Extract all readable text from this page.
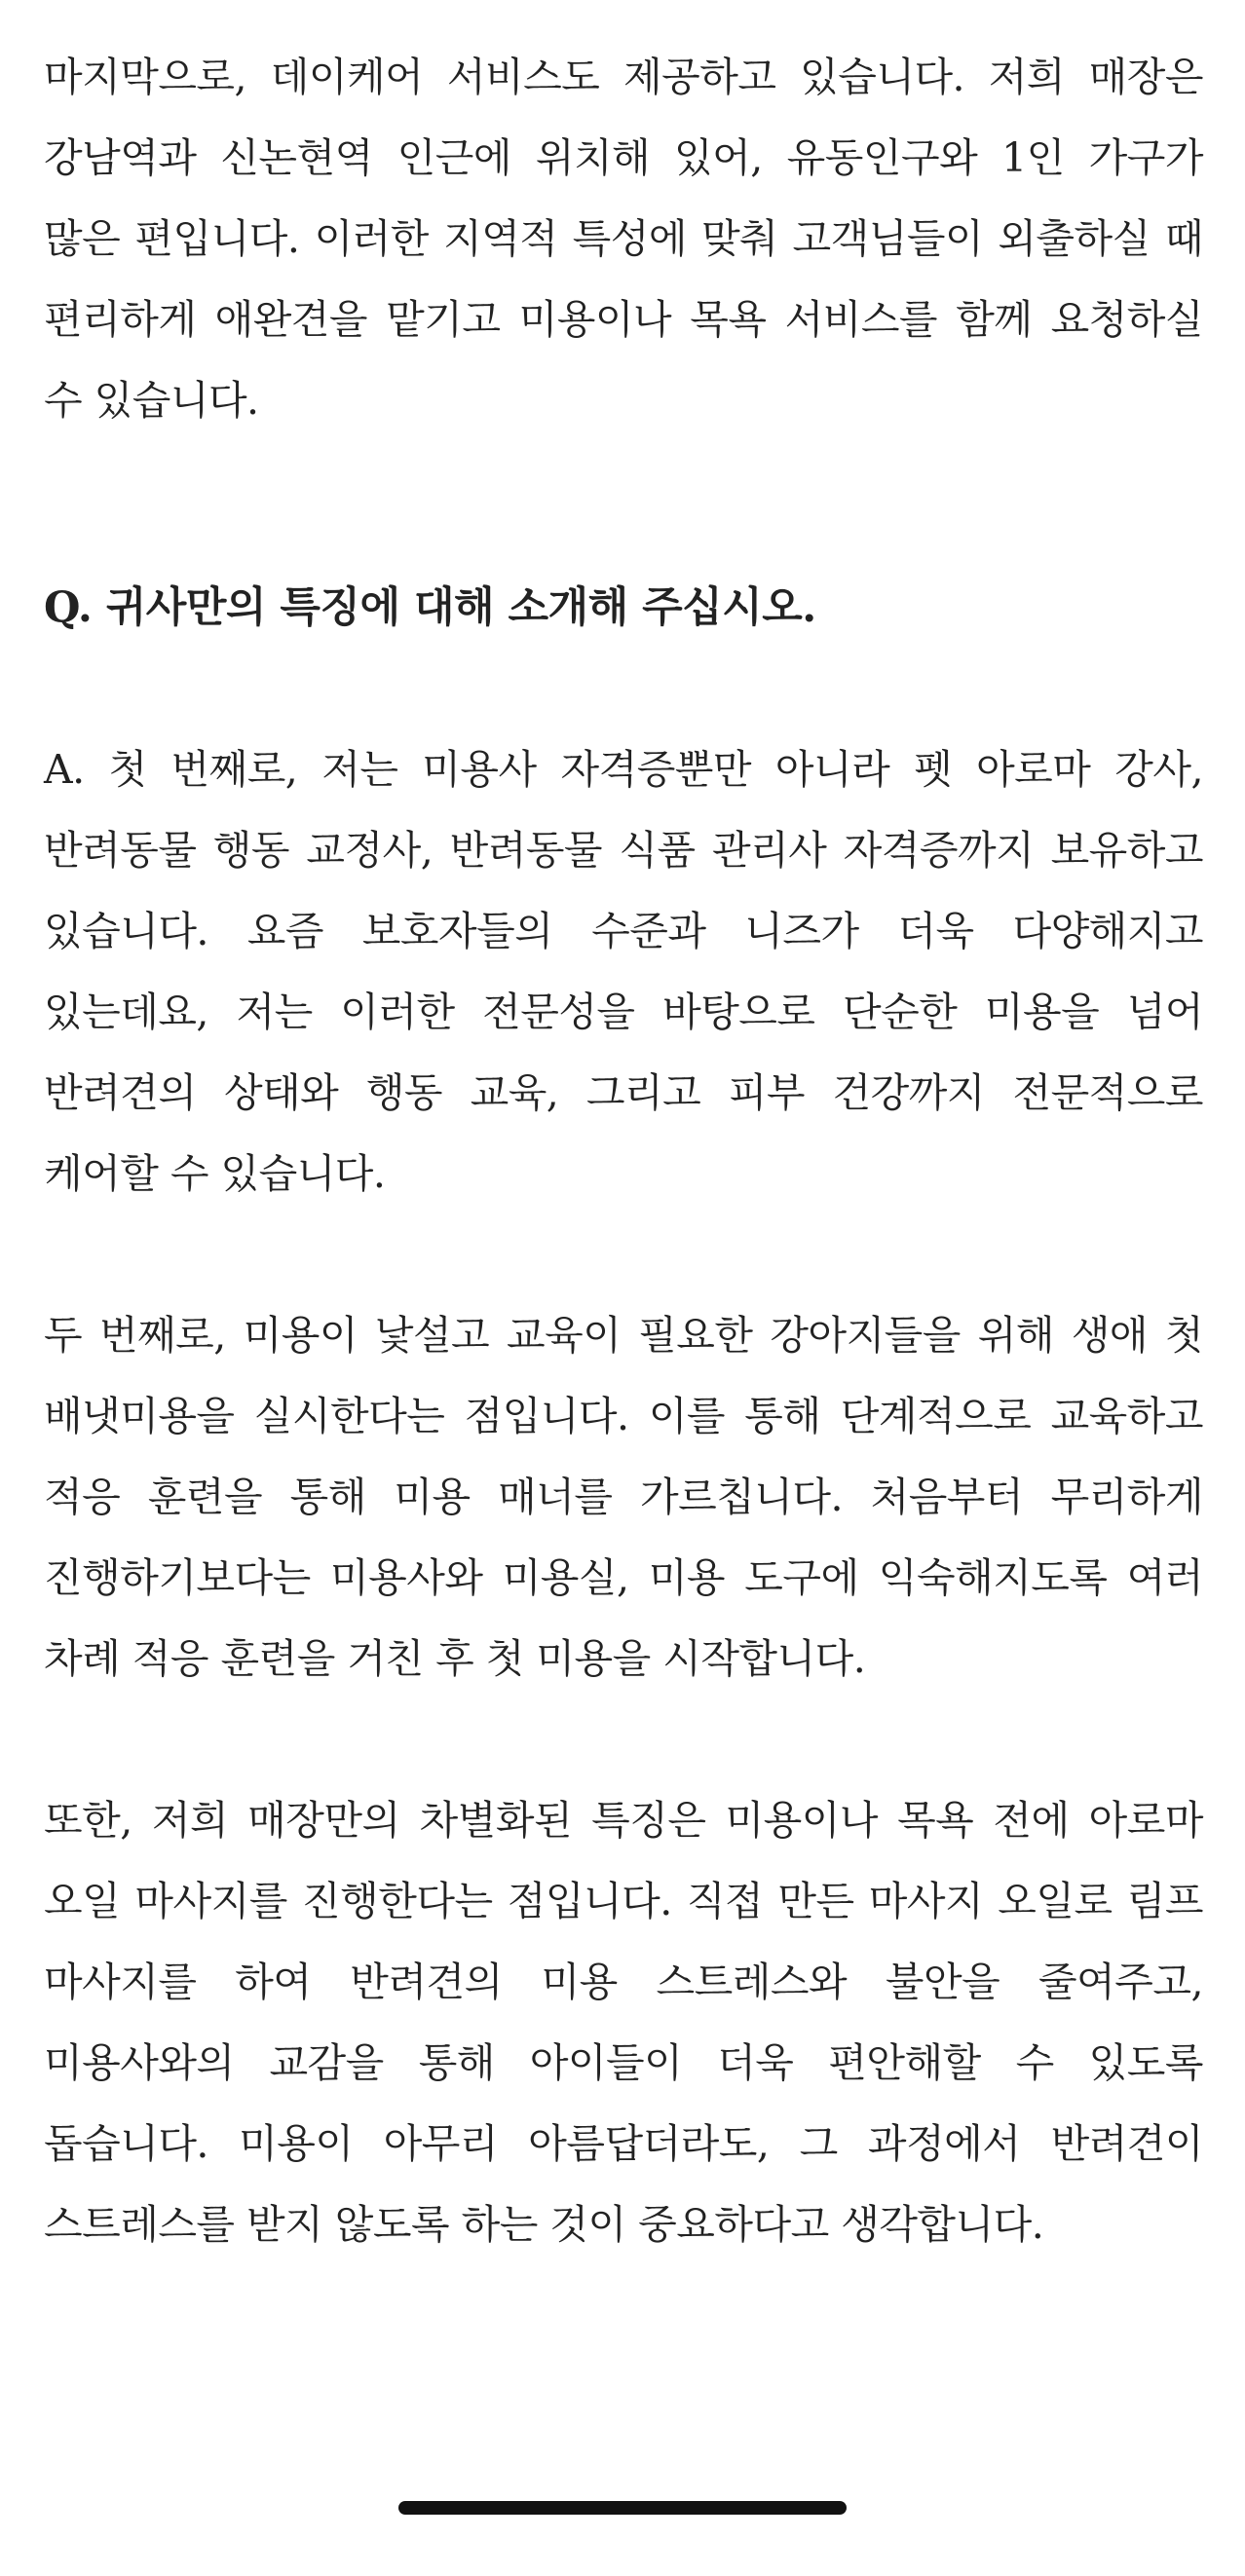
마지막으로, 데이케어 서비스도 제공하고 있습니다. 저희 매장은 강남역과 신논현역 인근에 위치해 있어, 유동인구와 1인 가구가 많은 편입니다. 이러한 지역적 특성에 맞춰 고객님들이 외출하실 때 편리하게 애완견을 맡기고 미용이나 목욕 서비스를 함께 요청하실 수 있습니다.

Q. 귀사만의 특징에 대해 소개해 주십시오.

A. 첫 번째로, 저는 미용사 자격증뿐만 아니라 펫 아로마 강사, 반려동물 행동 교정사, 반려동물 식품 관리사 자격증까지 보유하고 있습니다. 요즘 보호자들의 수준과 니즈가 더욱 다양해지고 있는데요, 저는 이러한 전문성을 바탕으로 단순한 미용을 넘어 반려견의 상태와 행동 교육, 그리고 피부 건강까지 전문적으로 케어할 수 있습니다.

두 번째로, 미용이 낯설고 교육이 필요한 강아지들을 위해 생애 첫 배냇미용을 실시한다는 점입니다. 이를 통해 단계적으로 교육하고 적응 훈련을 통해 미용 매너를 가르칩니다. 처음부터 무리하게 진행하기보다는 미용사와 미용실, 미용 도구에 익숙해지도록 여러 차례 적응 훈련을 거친 후 첫 미용을 시작합니다.

또한, 저희 매장만의 차별화된 특징은 미용이나 목욕 전에 아로마 오일 마사지를 진행한다는 점입니다. 직접 만든 마사지 오일로 림프 마사지를 하여 반려견의 미용 스트레스와 불안을 줄여주고, 미용사와의 교감을 통해 아이들이 더욱 편안해할 수 있도록 돕습니다. 미용이 아무리 아름답더라도, 그 과정에서 반려견이 스트레스를 받지 않도록 하는 것이 중요하다고 생각합니다.
